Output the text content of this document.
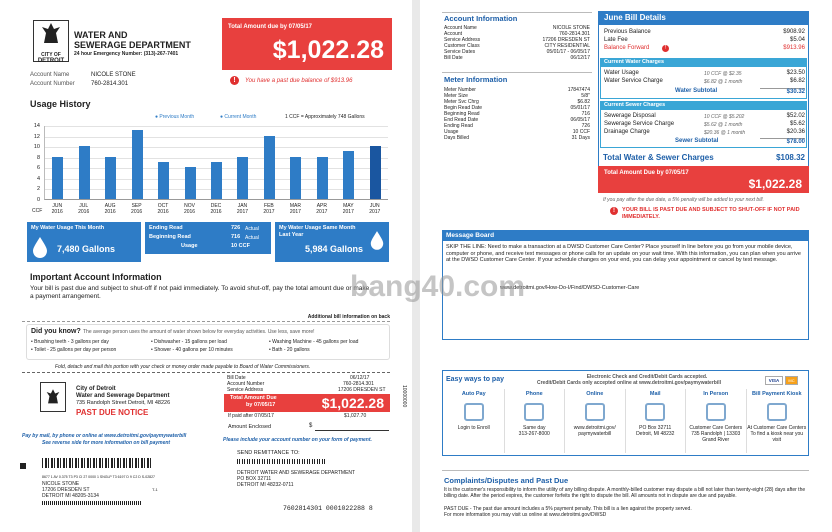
CITY OF
DETROIT
WATER AND
SEWERAGE DEPARTMENT
24 hour Emergency Number: (313)-267-7401
Account Name	NICOLE STONE
Account Number	760-2814.301
Total Amount due by 07/05/17
$1,022.28
!	You have a past due balance of $913.96
Usage History
● Previous Month	● Current Month	1 CCF = Approximately 748 Gallons
0
2
4
6
8
10
12
14
JUN
2016
JUL
2016
AUG
2016
SEP
2016
OCT
2016
NOV
2016
DEC
2016
JAN
2017
FEB
2017
MAR
2017
APR
2017
MAY
2017
JUN
2017
CCF
My Water Usage This Month
7,480 Gallons
Ending Read	726 Actual
Beginning Read	716 Actual
Usage	10 CCF
My Water Usage Same Month Last Year
5,984 Gallons
Important Account Information
Your bill is past due and subject to shut-off if not paid immediately. To avoid shut-off, pay the total amount due or make a payment arrangement.
Additional bill information on back
Did you know? The average person uses the amount of water shown below for everyday activities. Use less, save more!
• Brushing teeth - 3 gallons per day	• Dishwasher - 15 gallons per load	• Washing Machine - 45 gallons per load
• Toilet - 25 gallons per day per person	• Shower - 40 gallons per 10 minutes	• Bath - 20 gallons
Fold, detach and mail this portion with your check or money order made payable to Board of Water Commissioners.
City of Detroit
Water and Sewerage Department
735 Randolph Street Detroit, MI 48226
PAST DUE NOTICE
Bill Date	06/12/17
Account Number	760-2814.301
Service Address	17206 DRESDEN ST
Total Amount Due
by 07/05/17	$1,022.28
If paid after 07/05/17	$1,027.70
Amount Enclosed	$
10000000
Pay by mail, by phone or online at www.detroitmi.gov/paymywaterbill
See reverse side for more information on bill payment	Please include your account number on your form of payment.
8677 1 AV 0.375 T3 P3 CI 27 0000 1 SNGLP T3 6197 D 9 C2 D S-02827
NICOLE STONE
17206 DRESDEN ST
DETROIT MI 48205-3134
T-1
SEND REMITTANCE TO:
DETROIT WATER AND SEWERAGE DEPARTMENT
PO BOX 32711
DETROIT MI 48232-0711
7602814301 0001022288 8
Account Information
Account Name	NICOLE STONE
Account	760-2814.301
Service Address	17206 DRESDEN ST
Customer Class	CITY RESIDENTIAL
Service Dates	05/01/17 - 06/05/17
Bill Date	06/12/17
Meter Information
Meter Number	17847474
Meter Size	5/8"
Meter Svc Chrg	$6.82
Begin Read Date	05/01/17
Beginning Read	716
End Read Date	06/05/17
Ending Read	726
Usage	10 CCF
Days Billed	31 Days
June Bill Details
Previous Balance	$908.92
Late Fee	$5.04
Balance Forward	!	$913.96
Current Water Charges
Water Usage	10 CCF @ $2.35	$23.50
Water Service Charge	$6.82 @ 1 month	$6.82
Water Subtotal	$30.32
Current Sewer Charges
Sewerage Disposal	10 CCF @ $5.202	$52.02
Sewerage Service Charge	$5.62 @ 1 month	$5.62
Drainage Charge	$20.36 @ 1 month	$20.36
Sewer Subtotal	$78.00
Total Water & Sewer Charges	$108.32
Total Amount Due by 07/05/17
$1,022.28
If you pay after the due date, a 5% penalty will be added to your next bill.
!	YOUR BILL IS PAST DUE AND SUBJECT TO SHUT-OFF IF NOT PAID IMMEDIATELY.
Message Board
SKIP THE LINE: Need to make a transaction at a DWSD Customer Care Center? Place yourself in line before you go from your mobile device, computer or phone, and receive text messages or phone calls for an update on your wait time. With this information, you can plan when you arrive at the DWSD Customer Care Center. If your schedule changes on your end, you can delay your appointment or cancel by text message.
www.detroitmi.gov/How-Do-I/Find/DWSD-Customer-Care
Easy ways to pay	Electronic Check and Credit/Debit Cards accepted.
Credit/Debit Cards only accepted online at www.detroitmi.gov/paymywaterbill	VISA	MC
Auto Pay
Login to Enroll
Phone
Same day
313-267-8000
Online
www.detroitmi.gov/
paymywaterbill
Mail
PO Box 32711
Detroit, MI 48232
In Person
Customer Care Centers
735 Randolph | 13303 Grand River
Bill Payment Kiosk
At Customer Care Centers
To find a kiosk near you visit
Complaints/Disputes and Past Due
It is the customer's responsibility to inform the utility of any billing dispute. A monthly-billed customer may dispute a bill not later than twenty-eight (28) days after the billing date. After the period expires, the customer forfeits the right to dispute the bill. All amounts not in dispute are due and payable.
PAST DUE - The past due amount includes a 5% payment penalty. This bill is a lien against the property served.
For more information you may visit us online at www.detroitmi.gov/DWSD
bang40.com
